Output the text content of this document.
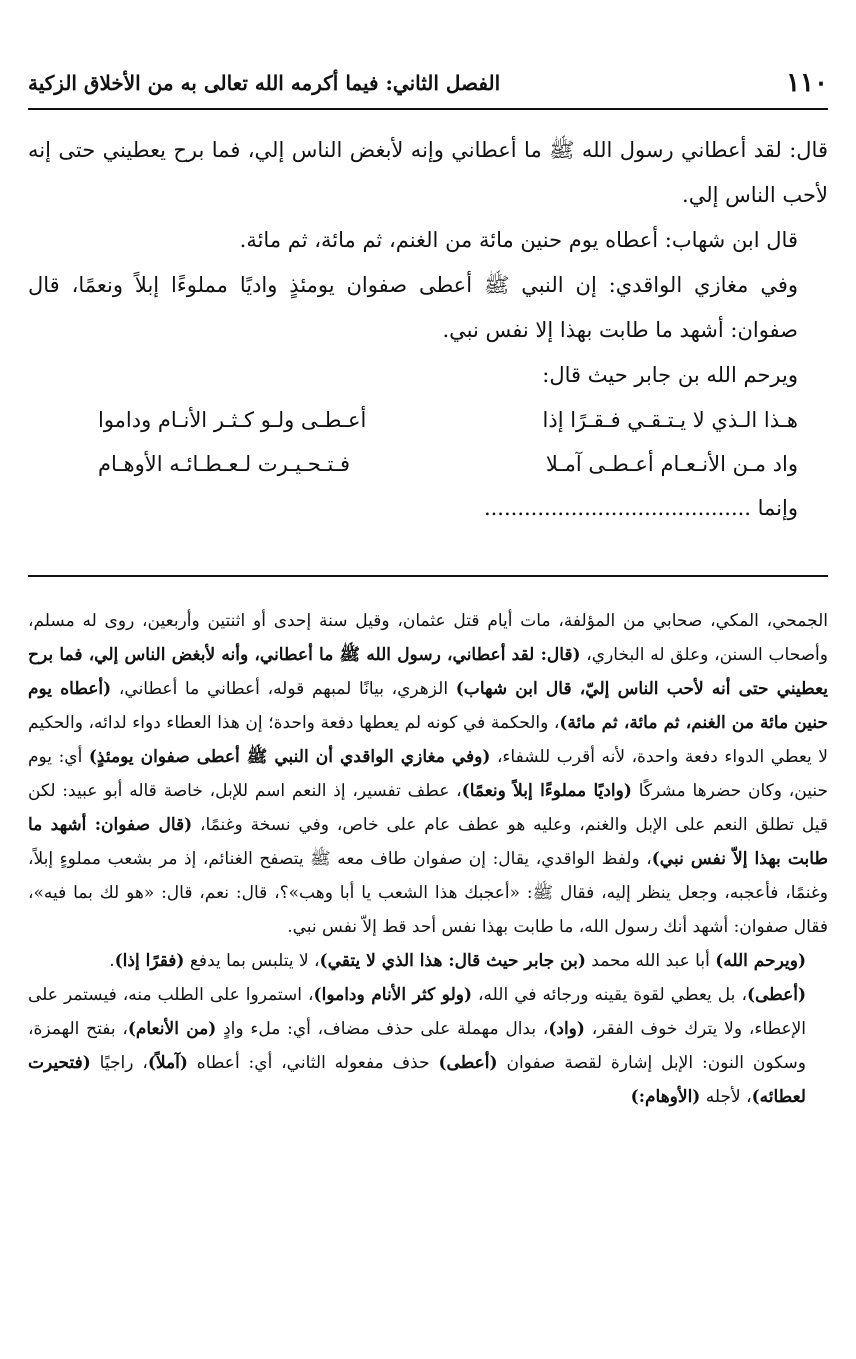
١١٠
الفصل الثاني: فيما أكرمه الله تعالى به من الأخلاق الزكية

قال: لقد أعطاني رسول الله ﷺ ما أعطاني وإنه لأبغض الناس إلي، فما برح يعطيني حتى إنه لأحب الناس إلي.

قال ابن شهاب: أعطاه يوم حنين مائة من الغنم، ثم مائة، ثم مائة.

وفي مغازي الواقدي: إن النبي ﷺ أعطى صفوان يومئذٍ واديًا مملوءًا إبلاً ونعمًا، قال صفوان: أشهد ما طابت بهذا إلا نفس نبي.

ويرحم الله بن جابر حيث قال:

هـذا الـذي لا يـتـقـي فـقـرًا إذا
أعـطـى ولـو كـثـر الأنـام وداموا
واد مـن الأنـعـام أعـطـى آمـلا
فـتـحـيـرت لـعـطـائـه الأوهـام
وإنما ........................................

الجمحي، المكي، صحابي من المؤلفة، مات أيام قتل عثمان، وقيل سنة إحدى أو اثنتين وأربعين، روى له مسلم، وأصحاب السنن، وعلق له البخاري، (قال: لقد أعطاني، رسول الله ﷺ ما أعطاني، وأنه لأبغض الناس إلي، فما برح يعطيني حتى أنه لأحب الناس إليّ، قال ابن شهاب) الزهري، بيانًا لمبهم قوله، أعطاني ما أعطاني، (أعطاه يوم حنين مائة من الغنم، ثم مائة، ثم مائة)، والحكمة في كونه لم يعطها دفعة واحدة؛ إن هذا العطاء دواء لدائه، والحكيم لا يعطي الدواء دفعة واحدة، لأنه أقرب للشفاء، (وفي مغازي الواقدي أن النبي ﷺ أعطى صفوان يومئذٍ) أي: يوم حنين، وكان حضرها مشركًا (واديًا مملوءًا إبلاً ونعمًا)، عطف تفسير، إذ النعم اسم للإبل، خاصة قاله أبو عبيد: لكن قيل تطلق النعم على الإبل والغنم، وعليه هو عطف عام على خاص، وفي نسخة وغنمًا، (قال صفوان: أشهد ما طابت بهذا إلاّ نفس نبي)، ولفظ الواقدي، يقال: إن صفوان طاف معه ﷺ يتصفح الغنائم، إذ مر بشعب مملوءٍ إبلاً، وغنمًا، فأعجبه، وجعل ينظر إليه، فقال ﷺ: «أعجبك هذا الشعب يا أبا وهب»؟، قال: نعم، قال: «هو لك بما فيه»، فقال صفوان: أشهد أنك رسول الله، ما طابت بهذا نفس أحد قط إلاّ نفس نبي.

(ويرحم الله) أبا عبد الله محمد (بن جابر حيث قال: هذا الذي لا يتقي)، لا يتلبس بما يدفع (فقرًا إذا).

(أعطى)، بل يعطي لقوة يقينه ورجائه في الله، (ولو كثر الأنام وداموا)، استمروا على الطلب منه، فيستمر على الإعطاء، ولا يترك خوف الفقر، (واد)، بدال مهملة على حذف مضاف، أي: ملء وادٍ (من الأنعام)، بفتح الهمزة، وسكون النون: الإبل إشارة لقصة صفوان (أعطى) حذف مفعوله الثاني، أي: أعطاه (آملاً)، راجيًا (فتحيرت لعطائه)، لأجله (الأوهام:)
